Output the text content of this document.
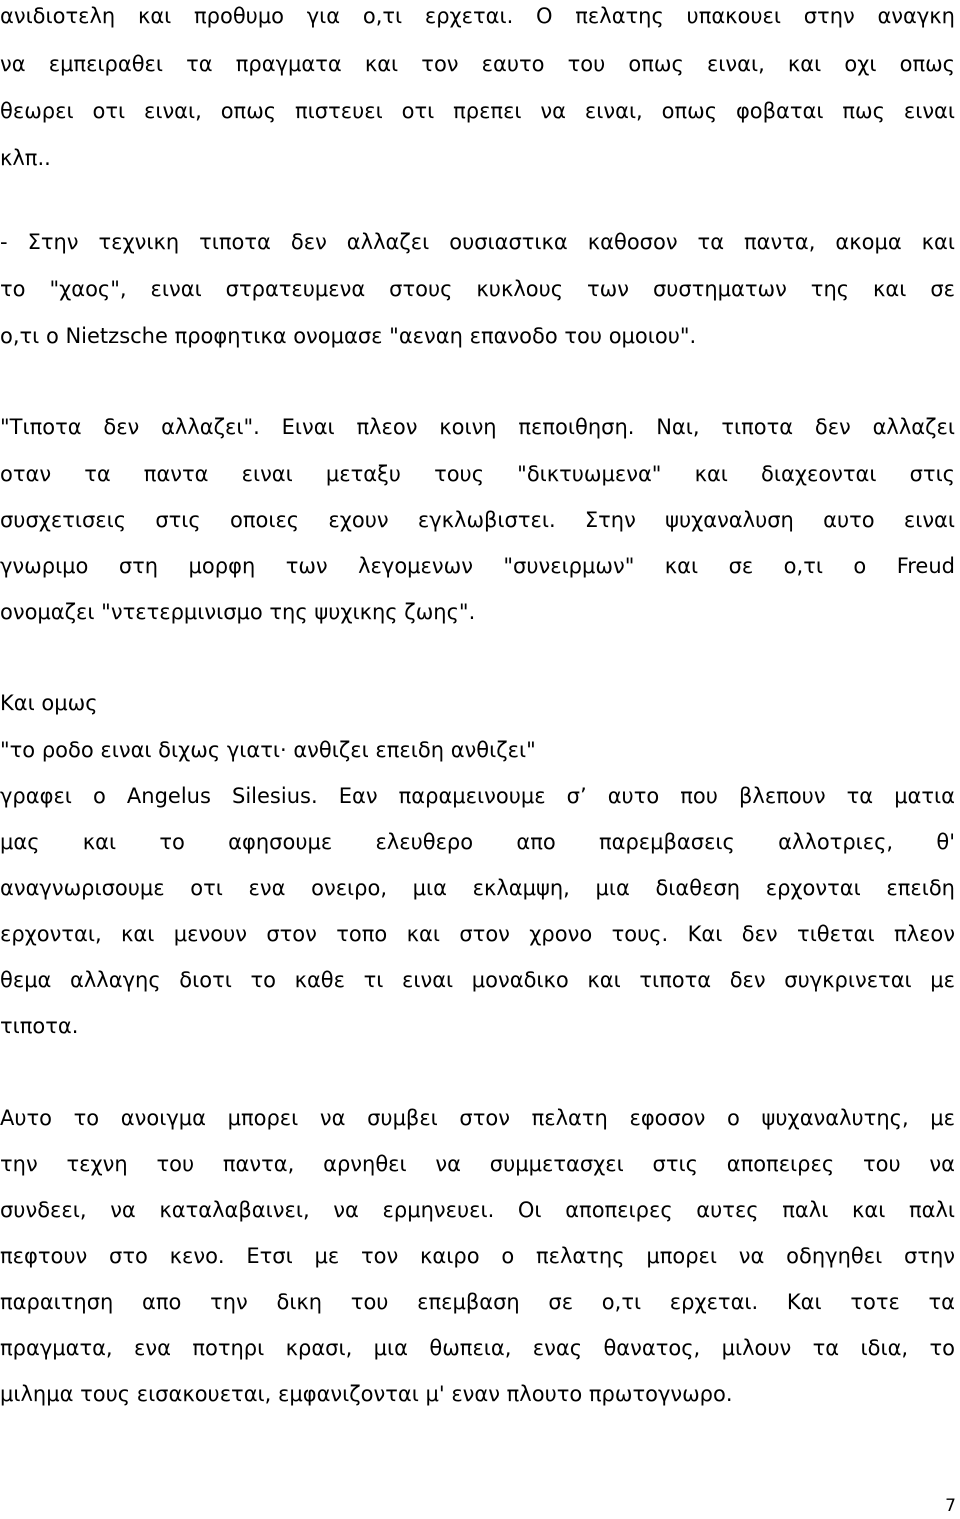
ανιδιοτελη και προθυμο για ο,τι ερχεται. Ο πελατης υπακουει στην αναγκη
να εμπειραθει τα πραγματα και τον εαυτο του οπως ειναι, και οχι οπως
θεωρει οτι ειναι, οπως πιστευει οτι πρεπει να ειναι, οπως φοβαται πως ειναι
κλπ..
- Στην τεχνικη τιποτα δεν αλλαζει ουσιαστικα καθοσον τα παντα, ακομα και
το "χαος", ειναι στρατευμενα στους κυκλους των συστηματων της και σε
ο,τι ο Nietzsche προφητικα ονομασε "αεναη επανοδο του ομοιου".
"Τιποτα δεν αλλαζει". Ειναι πλεον κοινη πεποιθηση. Ναι, τιποτα δεν αλλαζει
οταν τα παντα ειναι μεταξυ τους "δικτυωμενα" και διαχεονται στις
συσχετισεις στις οποιες εχουν εγκλωβιστει. Στην ψυχαναλυση αυτο ειναι
γνωριμο στη μορφη των λεγομενων "συνειρμων" και σε ο,τι ο Freud
ονομαζει "ντετερμινισμο της ψυχικης ζωης".
Και ομως
"το ροδο ειναι διχως γιατι· ανθιζει επειδη ανθιζει"
γραφει ο Angelus Silesius. Εαν παραμεινουμε σ’ αυτο που βλεπουν τα ματια
μας και το αφησουμε ελευθερο απο παρεμβασεις αλλοτριες, θ'
αναγνωρισουμε οτι ενα ονειρο, μια εκλαμψη, μια διαθεση ερχονται επειδη
ερχονται, και μενουν στον τοπο και στον χρονο τους. Και δεν τιθεται πλεον
θεμα αλλαγης διοτι το καθε τι ειναι μοναδικο και τιποτα δεν συγκρινεται με
τιποτα.
Αυτο το ανοιγμα μπορει να συμβει στον πελατη εφοσον ο ψυχαναλυτης, με
την τεχνη του παντα, αρνηθει να συμμετασχει στις αποπειρες του να
συνδεει, να καταλαβαινει, να ερμηνευει. Οι αποπειρες αυτες παλι και παλι
πεφτουν στο κενο. Ετσι με τον καιρο ο πελατης μπορει να οδηγηθει στην
παραιτηση απο την δικη του επεμβαση σε ο,τι ερχεται. Και τοτε τα
πραγματα, ενα ποτηρι κρασι, μια θωπεια, ενας θανατος, μιλουν τα ιδια, το
μιλημα τους εισακουεται, εμφανιζονται μ' εναν πλουτο πρωτογνωρο.
7
